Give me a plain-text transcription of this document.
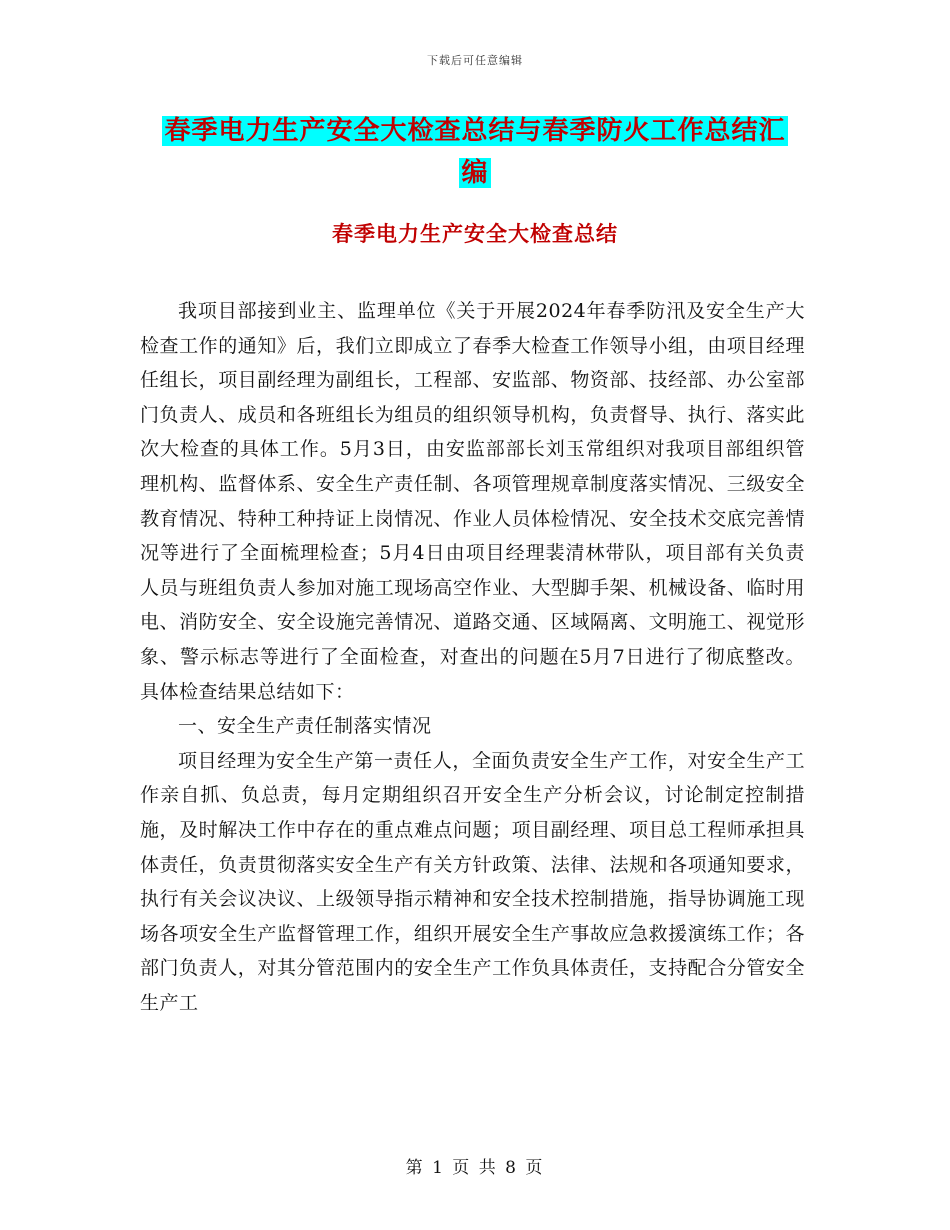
下载后可任意编辑
春季电力生产安全大检查总结与春季防火工作总结汇
编
春季电力生产安全大检查总结

我项目部接到业主、监理单位《关于开展2024年春季防汛及安全生产大检查工作的通知》后，我们立即成立了春季大检查工作领导小组，由项目经理任组长，项目副经理为副组长，工程部、安监部、物资部、技经部、办公室部门负责人、成员和各班组长为组员的组织领导机构，负责督导、执行、落实此次大检查的具体工作。5月3日，由安监部部长刘玉常组织对我项目部组织管理机构、监督体系、安全生产责任制、各项管理规章制度落实情况、三级安全教育情况、特种工种持证上岗情况、作业人员体检情况、安全技术交底完善情况等进行了全面梳理检查；5月4日由项目经理裴清林带队，项目部有关负责人员与班组负责人参加对施工现场高空作业、大型脚手架、机械设备、临时用电、消防安全、安全设施完善情况、道路交通、区域隔离、文明施工、视觉形象、警示标志等进行了全面检查，对查出的问题在5月7日进行了彻底整改。具体检查结果总结如下：

一、安全生产责任制落实情况

项目经理为安全生产第一责任人，全面负责安全生产工作，对安全生产工作亲自抓、负总责，每月定期组织召开安全生产分析会议，讨论制定控制措施，及时解决工作中存在的重点难点问题；项目副经理、项目总工程师承担具体责任，负责贯彻落实安全生产有关方针政策、法律、法规和各项通知要求，执行有关会议决议、上级领导指示精神和安全技术控制措施，指导协调施工现场各项安全生产监督管理工作，组织开展安全生产事故应急救援演练工作；各部门负责人，对其分管范围内的安全生产工作负具体责任，支持配合分管安全生产工

第 1 页 共 8 页
